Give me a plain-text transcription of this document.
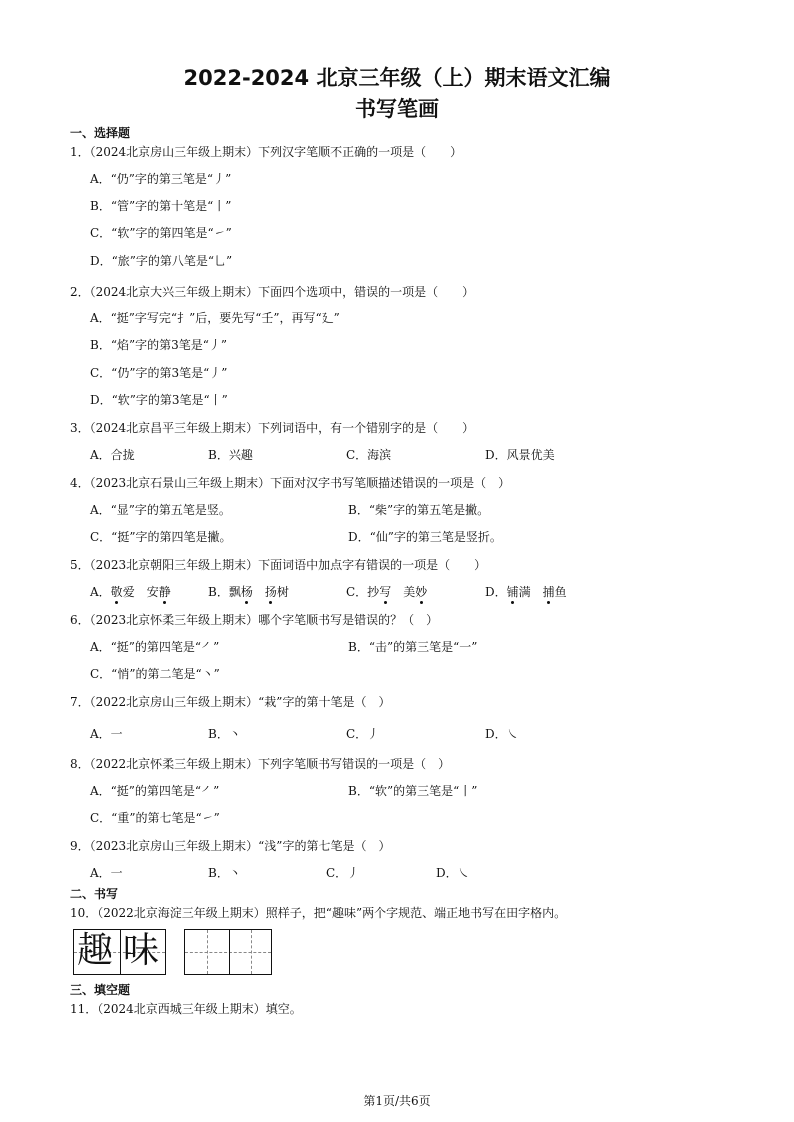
2022-2024 北京三年级（上）期末语文汇编
书写笔画
一、选择题
1．（2024北京房山三年级上期末）下列汉字笔顺不正确的一项是（　　）
A．“仍”字的第三笔是“丿”
B．“管”字的第十笔是“丨”
C．“软”字的第四笔是“㇀”
D．“旅”字的第八笔是“乚”
2．（2024北京大兴三年级上期末）下面四个选项中，错误的一项是（　　）
A．“挺”字写完“扌”后，要先写“壬”，再写“廴”
B．“焰”字的第3笔是“丿”
C．“仍”字的第3笔是“丿”
D．“软”字的第3笔是“丨”
3．（2024北京昌平三年级上期末）下列词语中，有一个错别字的是（　　）
A．合拢	B．兴趣	C．海滨	D．风景优美
4．（2023北京石景山三年级上期末）下面对汉字书写笔顺描述错误的一项是（　）
A．“显”字的第五笔是竖。	B．“柴”字的第五笔是撇。
C．“挺”字的第四笔是撇。	D．“仙”字的第三笔是竖折。
5．（2023北京朝阳三年级上期末）下面词语中加点字有错误的一项是（　　）
A．敬爱　安静	B．飘杨　 扬树	C．抄写　美妙	D．铺满　捕鱼
6．（2023北京怀柔三年级上期末）哪个字笔顺书写是错误的？（　）
A．“挺”的第四笔是“㇒”	B．“击”的第三笔是“一”
C．“悄”的第二笔是“丶”
7．（2022北京房山三年级上期末）“栽”字的第十笔是（　）
A．一	B．丶	C．丿	D．㇏
8．（2022北京怀柔三年级上期末）下列字笔顺书写错误的一项是（　）
A．“挺”的第四笔是“㇒”	B．“软”的第三笔是“丨”
C．“重”的第七笔是“㇀”
9．（2023北京房山三年级上期末）“浅”字的第七笔是（　）
A．一	B．丶	C．丿	D．㇏
二、书写
10．（2022北京海淀三年级上期末）照样子，把“趣味”两个字规范、端正地书写在田字格内。
趣 味
三、填空题
11．（2024北京西城三年级上期末）填空。
第1页/共6页
